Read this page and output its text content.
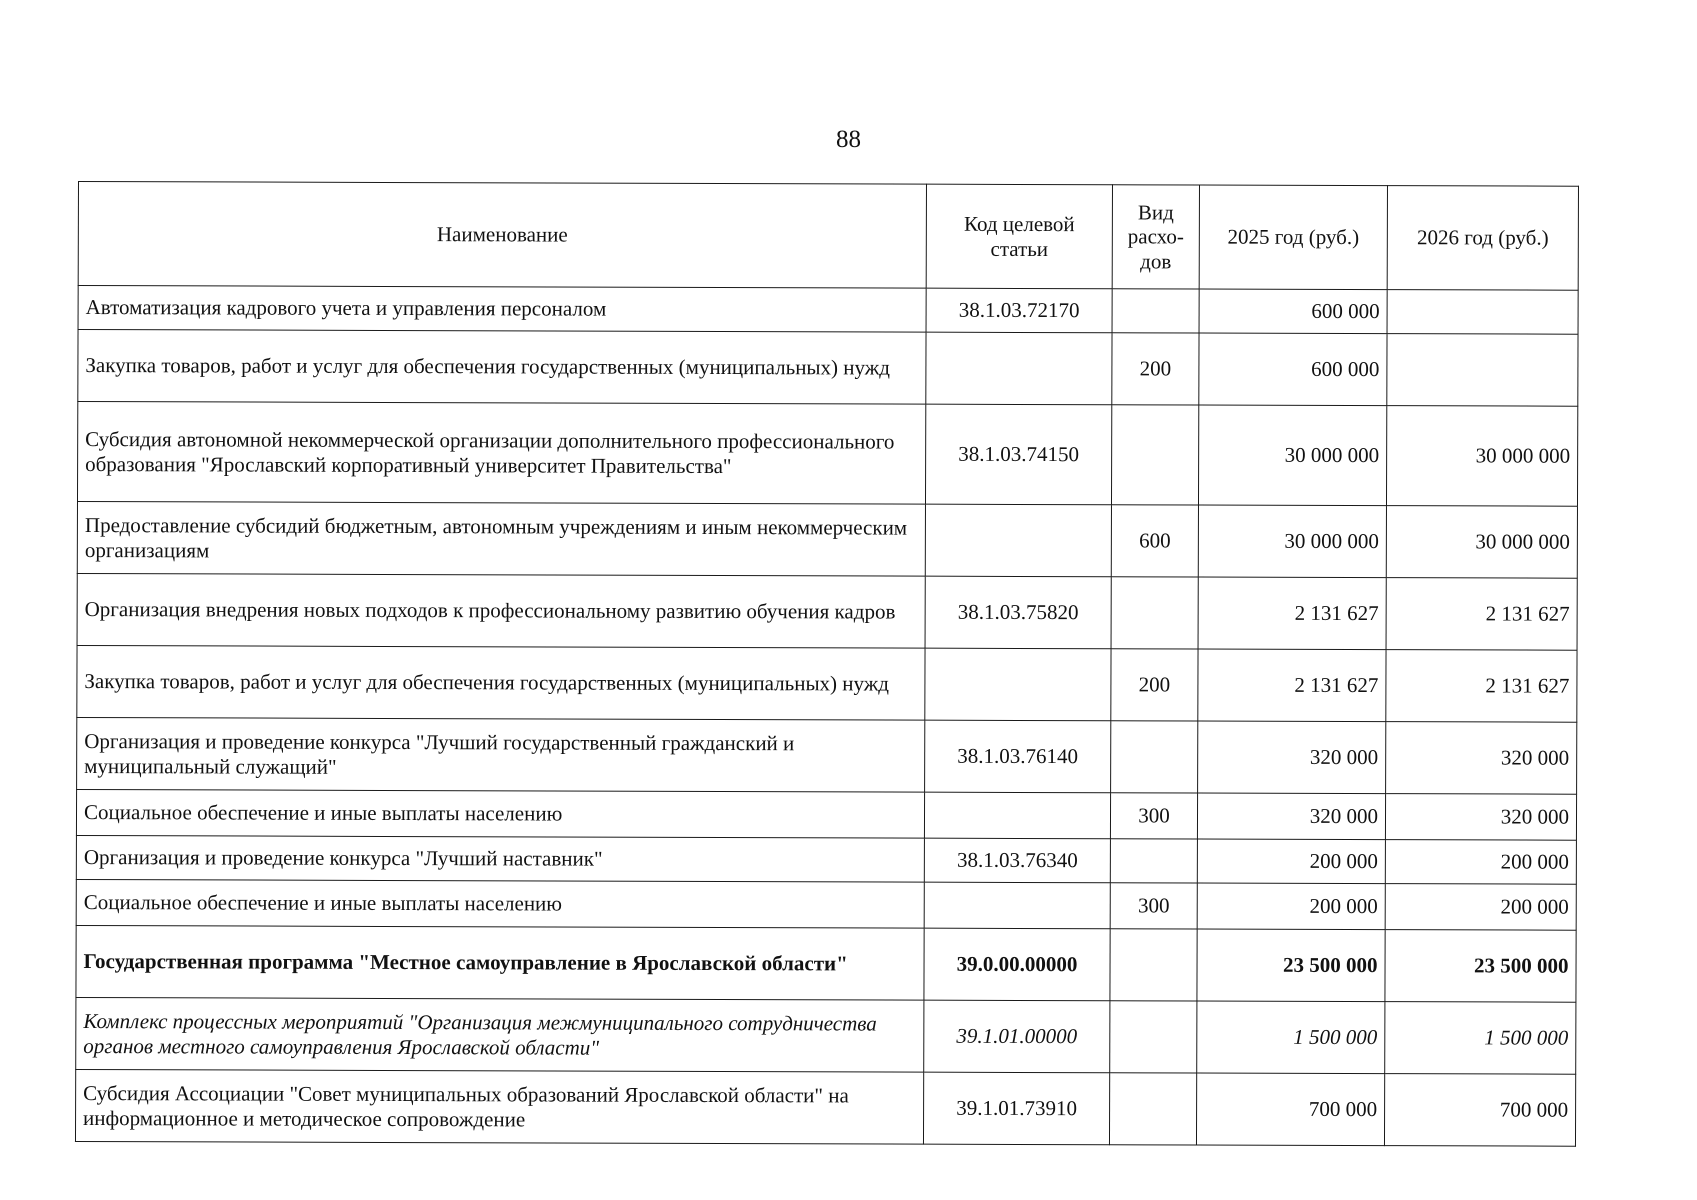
88
Наименование	Код целевой статьи	Вид расхо-дов	2025 год (руб.)	2026 год (руб.)
Автоматизация кадрового учета и управления персоналом	38.1.03.72170		600 000	
Закупка товаров, работ и услуг для обеспечения государственных (муниципальных) нужд		200	600 000	
Субсидия автономной некоммерческой организации дополнительного профессионального образования "Ярославский корпоративный университет Правительства"	38.1.03.74150		30 000 000	30 000 000
Предоставление субсидий бюджетным, автономным учреждениям и иным некоммерческим организациям		600	30 000 000	30 000 000
Организация внедрения новых подходов к профессиональному развитию обучения кадров	38.1.03.75820		2 131 627	2 131 627
Закупка товаров, работ и услуг для обеспечения государственных (муниципальных) нужд		200	2 131 627	2 131 627
Организация и проведение конкурса "Лучший государственный гражданский и муниципальный служащий"	38.1.03.76140		320 000	320 000
Социальное обеспечение и иные выплаты населению		300	320 000	320 000
Организация и проведение конкурса "Лучший наставник"	38.1.03.76340		200 000	200 000
Социальное обеспечение и иные выплаты населению		300	200 000	200 000
Государственная программа "Местное самоуправление в Ярославской области"	39.0.00.00000		23 500 000	23 500 000
Комплекс процессных мероприятий "Организация межмуниципального сотрудничества органов местного самоуправления Ярославской области"	39.1.01.00000		1 500 000	1 500 000
Субсидия Ассоциации "Совет муниципальных образований Ярославской области" на информационное и методическое сопровождение	39.1.01.73910		700 000	700 000
